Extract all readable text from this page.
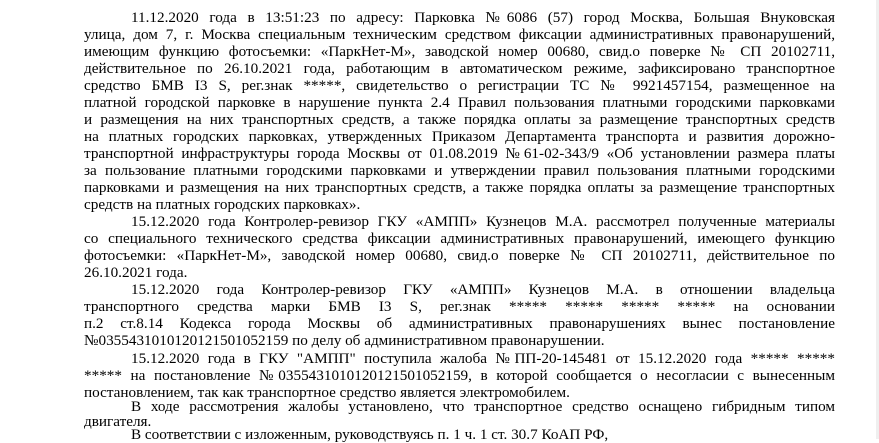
11.12.2020 года в 13:51:23 по адресу: Парковка №6086 (57) город Москва, Большая Внуковская
улица, дом 7, г. Москва специальным техническим средством фиксации административных правонарушений,
имеющим функцию фотосъемки: «ПаркНет-М», заводской номер 00680, свид.о поверке № СП 20102711,
действительное по 26.10.2021 года, работающим в автоматическом режиме, зафиксировано транспортное
средство БМВ I3 S, рег.знак *****, свидетельство о регистрации ТС № 9921457154, размещенное на
платной городской парковке в нарушение пункта 2.4 Правил пользования платными городскими парковками
и размещения на них транспортных средств, а также порядка оплаты за размещение транспортных средств
на платных городских парковках, утвержденных Приказом Департамента транспорта и развития дорожно-
транспортной инфраструктуры города Москвы от 01.08.2019 №61-02-343/9 «Об установлении размера платы
за пользование платными городскими парковками и утверждении правил пользования платными городскими
парковками и размещения на них транспортных средств, а также порядка оплаты за размещение транспортных
средств на платных городских парковках».
15.12.2020 года Контролер-ревизор ГКУ «АМПП» Кузнецов М.А. рассмотрел полученные материалы
со специального технического средства фиксации административных правонарушений, имеющего функцию
фотосъемки: «ПаркНет-М», заводской номер 00680, свид.о поверке № СП 20102711, действительное по
26.10.2021 года.
15.12.2020 года Контролер-ревизор ГКУ «АМПП» Кузнецов М.А. в отношении владельца
транспортного средства марки БМВ I3 S, рег.знак ***** ***** ***** ***** на основании
п.2 ст.8.14 Кодекса города Москвы об административных правонарушениях вынес постановление
№0355431010120121501052159 по делу об административном правонарушении.
15.12.2020 года в ГКУ "АМПП" поступила жалоба №ПП-20-145481 от 15.12.2020 года ***** *****
***** на постановление №0355431010120121501052159, в которой сообщается о несогласии с вынесенным
постановлением, так как транспортное средство является электромобилем.
В ходе рассмотрения жалобы установлено, что транспортное средство оснащено гибридным типом
двигателя.
В соответствии с изложенным, руководствуясь п. 1 ч. 1 ст. 30.7 КоАП РФ,
